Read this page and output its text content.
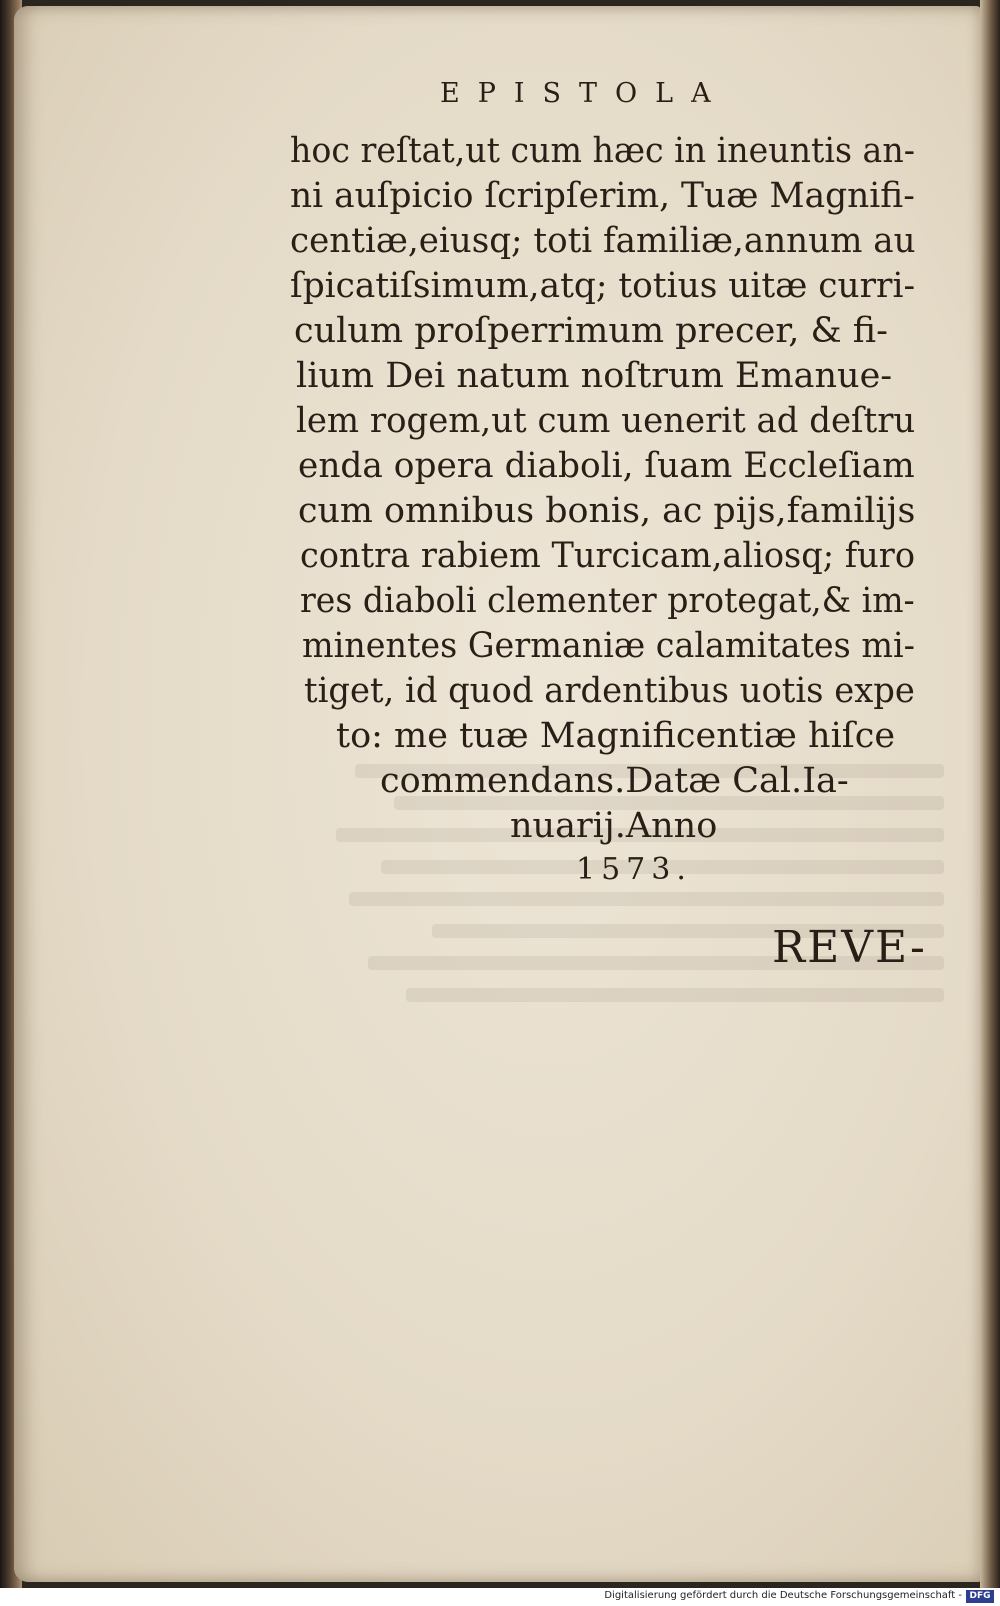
EPISTOLA
hoc reſtat,ut cum hæc in ineuntis an-
ni auſpicio ſcripſerim, Tuæ Magnifi-
centiæ,eiusq; toti familiæ,annum au
ſpicatiſsimum,atq; totius uitæ curri-
culum proſperrimum precer, & fi-
lium Dei natum noſtrum Emanue-
lem rogem,ut cum uenerit ad deſtru
enda opera diaboli, ſuam Eccleſiam
cum omnibus bonis, ac pijs,familijs
contra rabiem Turcicam,aliosq; furo
res diaboli clementer protegat,& im-
minentes Germaniæ calamitates mi-
tiget, id quod ardentibus uotis expe
to: me tuæ Magnificentiæ hiſce
commendans.Datæ Cal.Ia-
nuarij.Anno
1573.
REVE-
Digitalisierung gefördert durch die Deutsche Forschungsgemeinschaft - DFG
